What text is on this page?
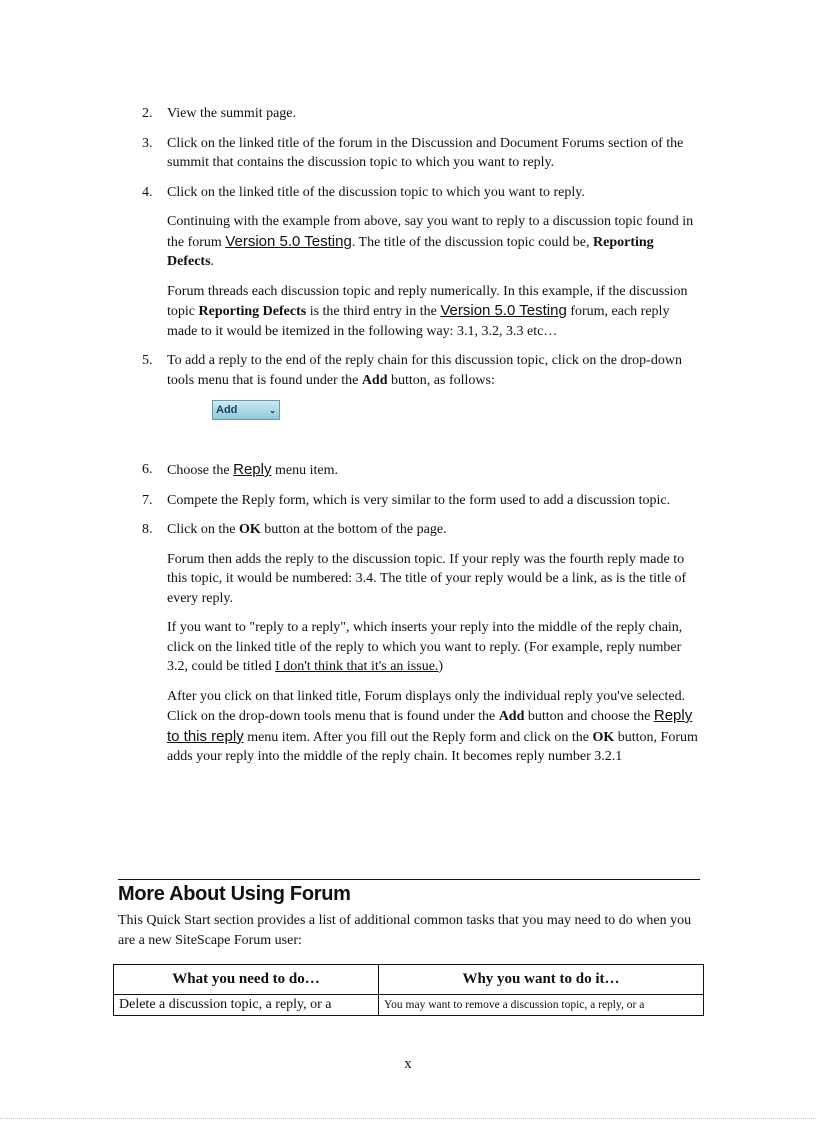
2.	View the summit page.
3.	Click on the linked title of the forum in the Discussion and Document Forums section of the summit that contains the discussion topic to which you want to reply.
4.	Click on the linked title of the discussion topic to which you want to reply.

Continuing with the example from above, say you want to reply to a discussion topic found in the forum Version 5.0 Testing. The title of the discussion topic could be, Reporting Defects.

Forum threads each discussion topic and reply numerically. In this example, if the discussion topic Reporting Defects is the third entry in the Version 5.0 Testing forum, each reply made to it would be itemized in the following way: 3.1, 3.2, 3.3 etc…

5.	To add a reply to the end of the reply chain for this discussion topic, click on the drop-down tools menu that is found under the Add button, as follows:
Add	⌄
6.	Choose the Reply menu item.
7.	Compete the Reply form, which is very similar to the form used to add a discussion topic.
8.	Click on the OK button at the bottom of the page.

Forum then adds the reply to the discussion topic. If your reply was the fourth reply made to this topic, it would be numbered: 3.4. The title of your reply would be a link, as is the title of every reply.

If you want to "reply to a reply", which inserts your reply into the middle of the reply chain, click on the linked title of the reply to which you want to reply. (For example, reply number 3.2, could be titled I don't think that it's an issue.)

After you click on that linked title, Forum displays only the individual reply you've selected. Click on the drop-down tools menu that is found under the Add button and choose the Reply to this reply menu item. After you fill out the Reply form and click on the OK button, Forum adds your reply into the middle of the reply chain. It becomes reply number 3.2.1

More About Using Forum

This Quick Start section provides a list of additional common tasks that you may need to do when you are a new SiteScape Forum user:

What you need to do…	Why you want to do it…
Delete a discussion topic, a reply, or a	You may want to remove a discussion topic, a reply, or a
x
